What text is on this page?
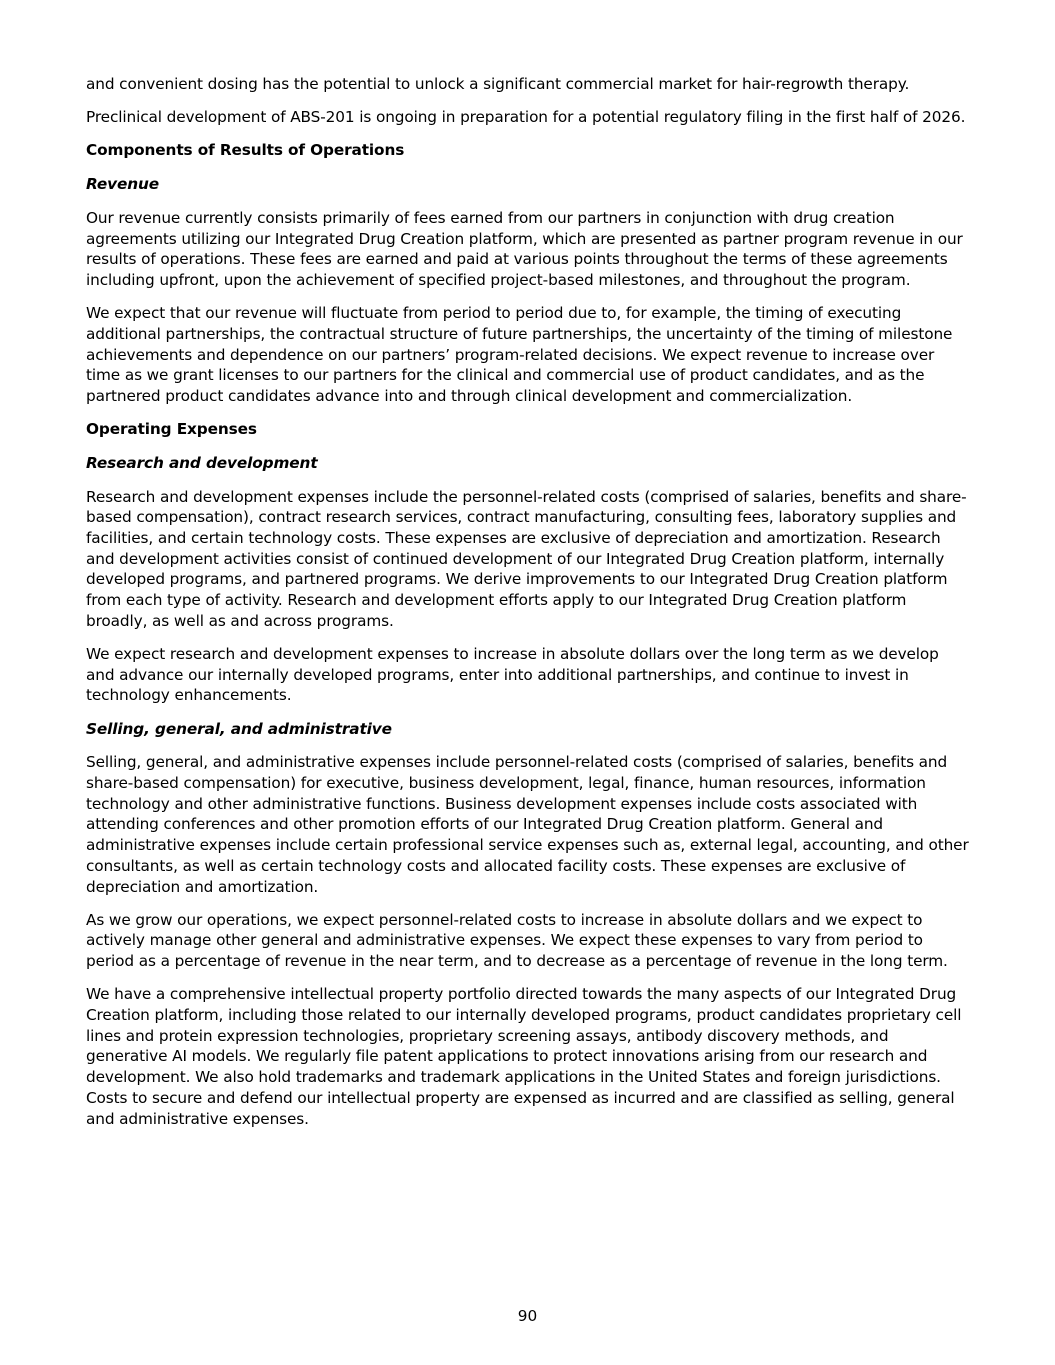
and convenient dosing has the potential to unlock a significant commercial market for hair-regrowth therapy.

Preclinical development of ABS-201 is ongoing in preparation for a potential regulatory filing in the first half of 2026.

Components of Results of Operations

Revenue

Our revenue currently consists primarily of fees earned from our partners in conjunction with drug creation agreements utilizing our Integrated Drug Creation platform, which are presented as partner program revenue in our results of operations. These fees are earned and paid at various points throughout the terms of these agreements including upfront, upon the achievement of specified project-based milestones, and throughout the program.

We expect that our revenue will fluctuate from period to period due to, for example, the timing of executing additional partnerships, the contractual structure of future partnerships, the uncertainty of the timing of milestone achievements and dependence on our partners’ program-related decisions. We expect revenue to increase over time as we grant licenses to our partners for the clinical and commercial use of product candidates, and as the partnered product candidates advance into and through clinical development and commercialization.

Operating Expenses

Research and development

Research and development expenses include the personnel-related costs (comprised of salaries, benefits and share-based compensation), contract research services, contract manufacturing, consulting fees, laboratory supplies and facilities, and certain technology costs. These expenses are exclusive of depreciation and amortization. Research and development activities consist of continued development of our Integrated Drug Creation platform, internally developed programs, and partnered programs. We derive improvements to our Integrated Drug Creation platform from each type of activity. Research and development efforts apply to our Integrated Drug Creation platform broadly, as well as and across programs.

We expect research and development expenses to increase in absolute dollars over the long term as we develop and advance our internally developed programs, enter into additional partnerships, and continue to invest in technology enhancements.

Selling, general, and administrative

Selling, general, and administrative expenses include personnel-related costs (comprised of salaries, benefits and share-based compensation) for executive, business development, legal, finance, human resources, information technology and other administrative functions. Business development expenses include costs associated with attending conferences and other promotion efforts of our Integrated Drug Creation platform. General and administrative expenses include certain professional service expenses such as, external legal, accounting, and other consultants, as well as certain technology costs and allocated facility costs. These expenses are exclusive of depreciation and amortization.

As we grow our operations, we expect personnel-related costs to increase in absolute dollars and we expect to actively manage other general and administrative expenses. We expect these expenses to vary from period to period as a percentage of revenue in the near term, and to decrease as a percentage of revenue in the long term.

We have a comprehensive intellectual property portfolio directed towards the many aspects of our Integrated Drug Creation platform, including those related to our internally developed programs, product candidates proprietary cell lines and protein expression technologies, proprietary screening assays, antibody discovery methods, and generative AI models. We regularly file patent applications to protect innovations arising from our research and development. We also hold trademarks and trademark applications in the United States and foreign jurisdictions. Costs to secure and defend our intellectual property are expensed as incurred and are classified as selling, general and administrative expenses.

90
